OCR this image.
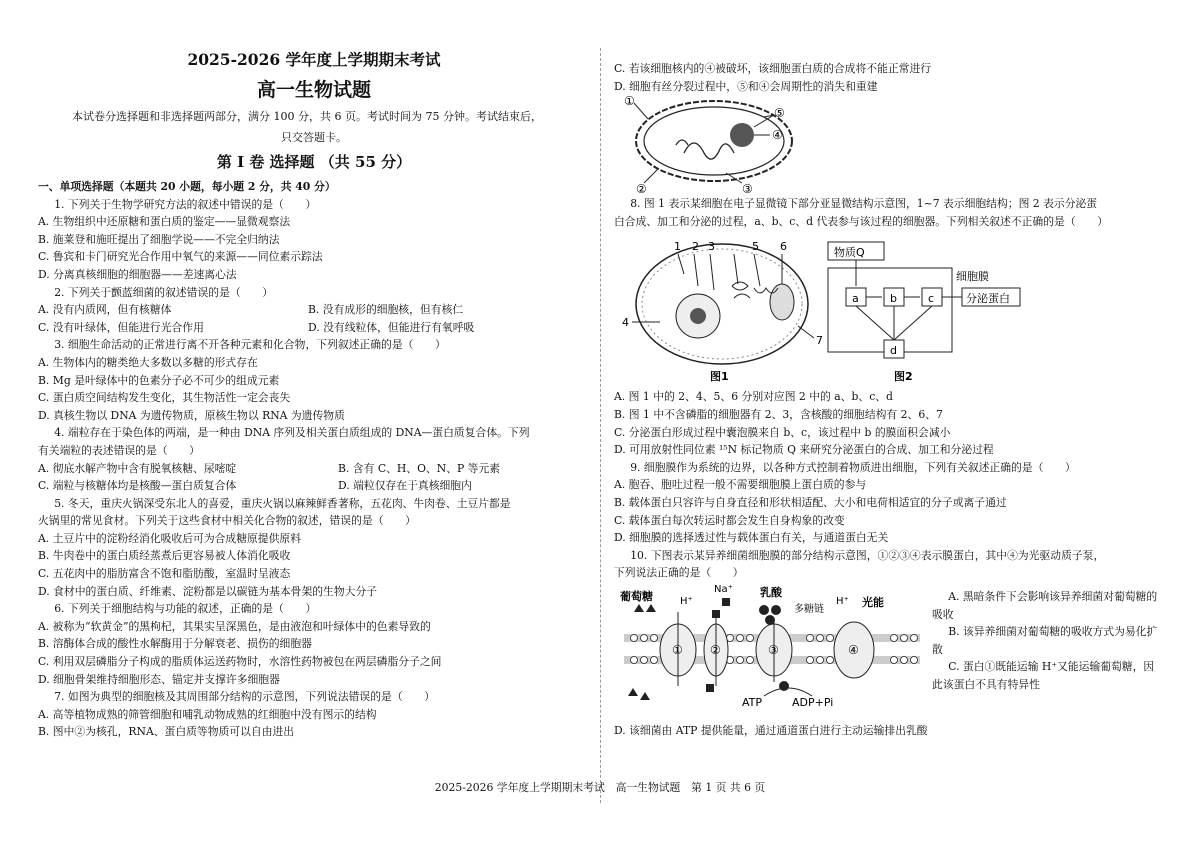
2025-2026 学年度上学期期末考试
高一生物试题
本试卷分选择题和非选择题两部分，满分 100 分，共 6 页。考试时间为 75 分钟。考试结束后，
只交答题卡。
第 I 卷 选择题 （共 55 分）
一、单项选择题（本题共 20 小题，每小题 2 分，共 40 分）
1. 下列关于生物学研究方法的叙述中错误的是（　　）
A. 生物组织中还原糖和蛋白质的鉴定——显微观察法
B. 施莱登和施旺提出了细胞学说——不完全归纳法
C. 鲁宾和卡门研究光合作用中氧气的来源——同位素示踪法
D. 分离真核细胞的细胞器——差速离心法
2. 下列关于颤蓝细菌的叙述错误的是（　　）
A. 没有内质网，但有核糖体	B. 没有成形的细胞核，但有核仁
C. 没有叶绿体，但能进行光合作用	D. 没有线粒体，但能进行有氧呼吸
3. 细胞生命活动的正常进行离不开各种元素和化合物，下列叙述正确的是（　　）
A. 生物体内的糖类绝大多数以多糖的形式存在
B. Mg 是叶绿体中的色素分子必不可少的组成元素
C. 蛋白质空间结构发生变化，其生物活性一定会丧失
D. 真核生物以 DNA 为遗传物质，原核生物以 RNA 为遗传物质
4. 端粒存在于染色体的两端，是一种由 DNA 序列及相关蛋白质组成的 DNA—蛋白质复合体。下列
有关端粒的表述错误的是（　　）
A. 彻底水解产物中含有脱氧核糖、尿嘧啶	B. 含有 C、H、O、N、P 等元素
C. 端粒与核糖体均是核酸—蛋白质复合体	D. 端粒仅存在于真核细胞内
5. 冬天，重庆火锅深受东北人的喜爱，重庆火锅以麻辣鲜香著称，五花肉、牛肉卷、土豆片都是
火锅里的常见食材。下列关于这些食材中相关化合物的叙述，错误的是（　　）
A. 土豆片中的淀粉经消化吸收后可为合成糖原提供原料
B. 牛肉卷中的蛋白质经蒸煮后更容易被人体消化吸收
C. 五花肉中的脂肪富含不饱和脂肪酸，室温时呈液态
D. 食材中的蛋白质、纤维素、淀粉都是以碳链为基本骨架的生物大分子
6. 下列关于细胞结构与功能的叙述，正确的是（　　）
A. 被称为“软黄金”的黑枸杞，其果实呈深黑色，是由液泡和叶绿体中的色素导致的
B. 溶酶体合成的酸性水解酶用于分解衰老、损伤的细胞器
C. 利用双层磷脂分子构成的脂质体运送药物时，水溶性药物被包在两层磷脂分子之间
D. 细胞骨架维持细胞形态、锚定并支撑许多细胞器
7. 如图为典型的细胞核及其周围部分结构的示意图，下列说法错误的是（　　）
A. 高等植物成熟的筛管细胞和哺乳动物成熟的红细胞中没有图示的结构
B. 图中②为核孔，RNA、蛋白质等物质可以自由进出
C. 若该细胞核内的④被破坏，该细胞蛋白质的合成将不能正常进行
D. 细胞有丝分裂过程中，⑤和④会周期性的消失和重建
①
②	③
④
⑤
8. 图 1 表示某细胞在电子显微镜下部分亚显微结构示意图，1~7 表示细胞结构；图 2 表示分泌蛋
白合成、加工和分泌的过程，a、b、c、d 代表参与该过程的细胞器。下列相关叙述不正确的是（　　）
1 2 3
4
5 6
7
图1
物质Q
细胞膜
分泌蛋白
a	b	c
d
图2
A. 图 1 中的 2、4、5、6 分别对应图 2 中的 a、b、c、d
B. 图 1 中不含磷脂的细胞器有 2、3，含核酸的细胞结构有 2、6、7
C. 分泌蛋白形成过程中囊泡膜来自 b、c，该过程中 b 的膜面积会减小
D. 可用放射性同位素 ¹⁵N 标记物质 Q 来研究分泌蛋白的合成、加工和分泌过程
9. 细胞膜作为系统的边界，以各种方式控制着物质进出细胞，下列有关叙述正确的是（　　）
A. 胞吞、胞吐过程一般不需要细胞膜上蛋白质的参与
B. 载体蛋白只容许与自身直径和形状相适配、大小和电荷相适宜的分子或离子通过
C. 载体蛋白每次转运时都会发生自身构象的改变
D. 细胞膜的选择透过性与载体蛋白有关，与通道蛋白无关
10. 下图表示某异养细菌细胞膜的部分结构示意图，①②③④表示膜蛋白，其中④为光驱动质子泵，
下列说法正确的是（　　）
① ②	③	④
葡萄糖	H⁺
Na⁺ 乳酸
多糖链
H⁺ 光能
ATP	ADP+Pi
A. 黑暗条件下会影响该异养细菌对葡萄糖的吸收
B. 该异养细菌对葡萄糖的吸收方式为易化扩散
C. 蛋白①既能运输 H⁺又能运输葡萄糖，因此该蛋白不具有特异性
D. 该细菌由 ATP 提供能量，通过通道蛋白进行主动运输排出乳酸
2025-2026 学年度上学期期末考试　高一生物试题　第 1 页 共 6 页
